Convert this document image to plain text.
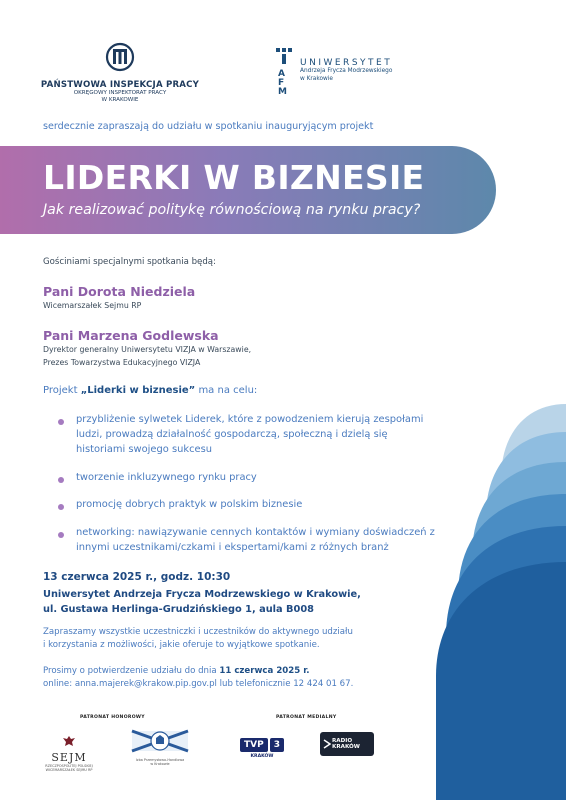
PAŃSTWOWA INSPEKCJA PRACY
OKRĘGOWY INSPEKTORAT PRACY
W KRAKOWIE
A
F
M
UNIWERSYTET
Andrzeja Frycza Modrzewskiego
w Krakowie
serdecznie zapraszają do udziału w spotkaniu inauguryjącym projekt
LIDERKI W BIZNESIE
Jak realizować politykę równościową na rynku pracy?
Gościniami specjalnymi spotkania będą:
Pani Dorota Niedziela
Wicemarszałek Sejmu RP
Pani Marzena Godlewska
Dyrektor generalny Uniwersytetu VIZJA w Warszawie,
Prezes Towarzystwa Edukacyjnego VIZJA
Projekt „Liderki w biznesie” ma na celu:
przybliżenie sylwetek Liderek, które z powodzeniem kierują zespołami ludzi, prowadzą działalność gospodarczą, społeczną i dzielą się historiami swojego sukcesu
tworzenie inkluzywnego rynku pracy
promocję dobrych praktyk w polskim biznesie
networking: nawiązywanie cennych kontaktów i wymiany doświadczeń z innymi uczestnikami/czkami i ekspertami/kami z różnych branż
13 czerwca 2025 r., godz. 10:30
Uniwersytet Andrzeja Frycza Modrzewskiego w Krakowie,
ul. Gustawa Herlinga-Grudzińskiego 1, aula B008
Zapraszamy wszystkie uczestniczki i uczestników do aktywnego udziału
i korzystania z możliwości, jakie oferuje to wyjątkowe spotkanie.
Prosimy o potwierdzenie udziału do dnia 11 czerwca 2025 r.
online: anna.majerek@krakow.pip.gov.pl lub telefonicznie 12 424 01 67.
PATRONAT HONOROWY	PATRONAT MEDIALNY
SEJM
RZECZPOSPOLITEJ POLSKIEJ
WICEMARSZAŁEK SEJMU RP
Izba Przemysłowo-Handlowa
w Krakowie
TVP 3
KRAKÓW
RADIO
KRAKÓW
